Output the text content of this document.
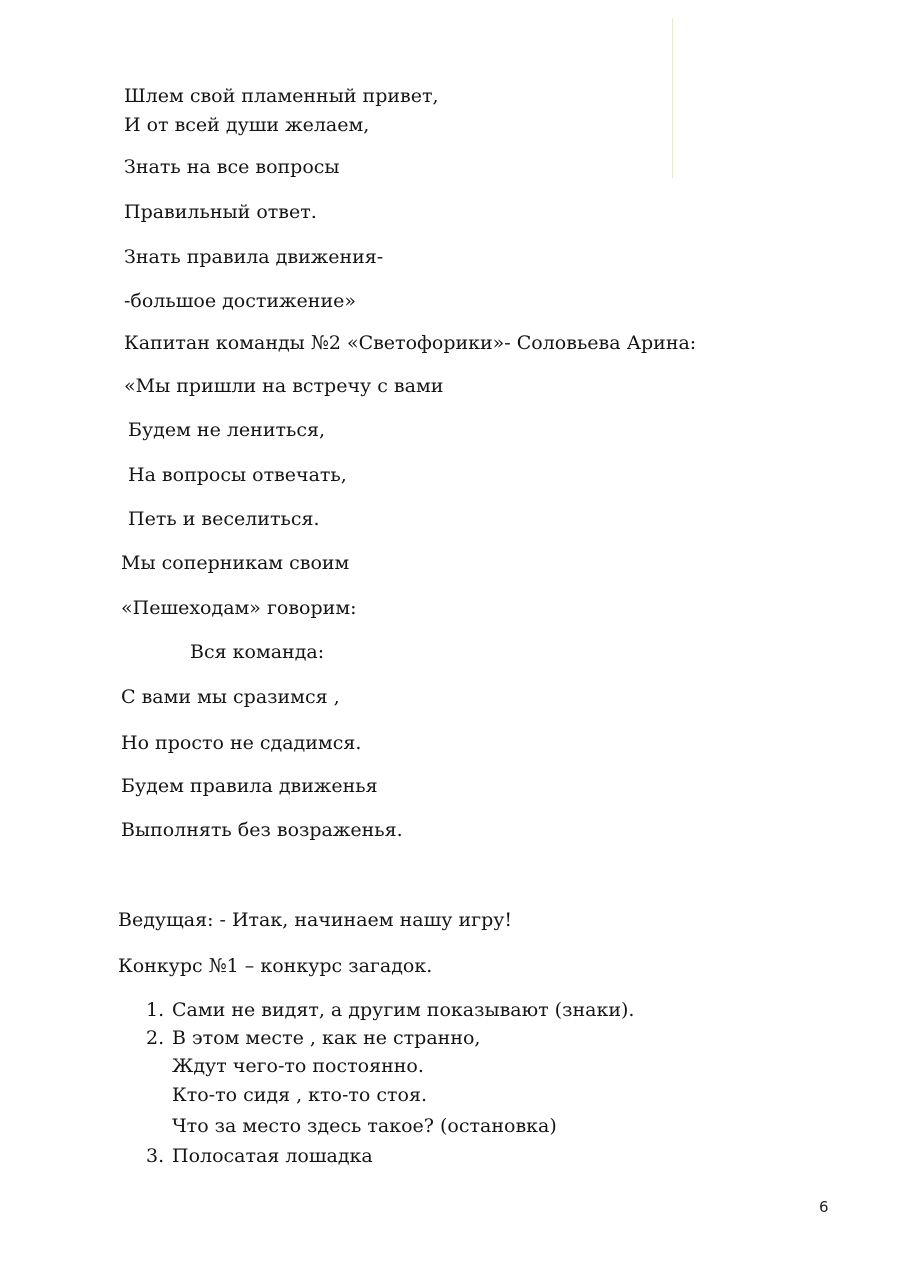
Шлем свой пламенный привет,
И от всей души желаем,
Знать на все вопросы
Правильный ответ.
Знать правила движения-
-большое достижение»
Капитан команды №2 «Светофорики»- Соловьева Арина:
«Мы пришли на встречу с вами
Будем не лениться,
На вопросы отвечать,
Петь и веселиться.
Мы соперникам своим
«Пешеходам» говорим:
Вся команда:
С вами мы сразимся ,
Но просто не сдадимся.
Будем правила движенья
Выполнять без возраженья.
Ведущая: - Итак, начинаем нашу игру!
Конкурс №1 – конкурс загадок.
1. Сами не видят, а другим показывают (знаки).
2. В этом месте , как не странно,
Ждут чего-то постоянно.
Кто-то сидя , кто-то стоя.
Что за место здесь такое? (остановка)
3. Полосатая лошадка
6
